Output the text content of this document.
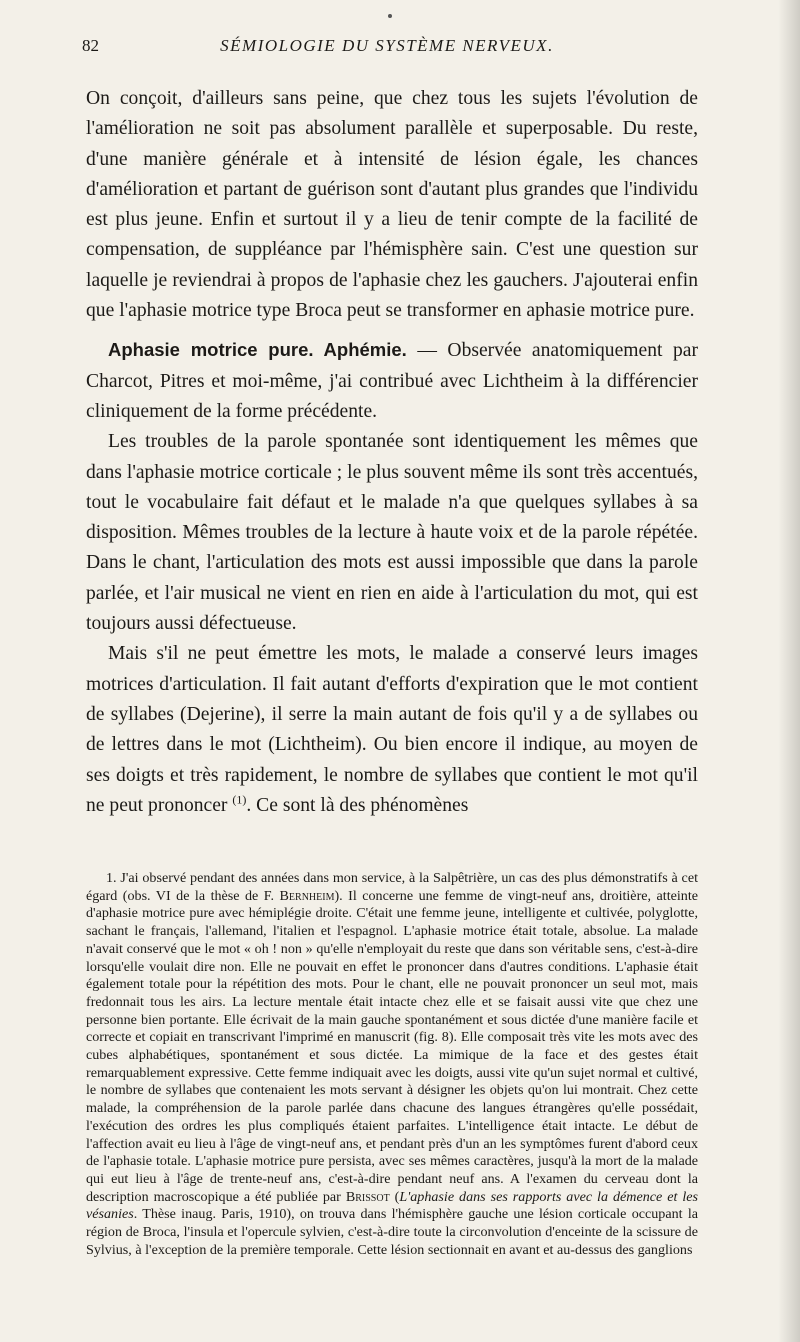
82	SÉMIOLOGIE DU SYSTÈME NERVEUX.

On conçoit, d'ailleurs sans peine, que chez tous les sujets l'évolution de l'amélioration ne soit pas absolument parallèle et superposable. Du reste, d'une manière générale et à intensité de lésion égale, les chances d'amélioration et partant de guérison sont d'autant plus grandes que l'individu est plus jeune. Enfin et surtout il y a lieu de tenir compte de la facilité de compensation, de suppléance par l'hémisphère sain. C'est une question sur laquelle je reviendrai à propos de l'aphasie chez les gauchers. J'ajouterai enfin que l'aphasie motrice type Broca peut se transformer en aphasie motrice pure.

Aphasie motrice pure. Aphémie. — Observée anatomiquement par Charcot, Pitres et moi-même, j'ai contribué avec Lichtheim à la différencier cliniquement de la forme précédente.

Les troubles de la parole spontanée sont identiquement les mêmes que dans l'aphasie motrice corticale ; le plus souvent même ils sont très accentués, tout le vocabulaire fait défaut et le malade n'a que quelques syllabes à sa disposition. Mêmes troubles de la lecture à haute voix et de la parole répétée. Dans le chant, l'articulation des mots est aussi impossible que dans la parole parlée, et l'air musical ne vient en rien en aide à l'articulation du mot, qui est toujours aussi défectueuse.

Mais s'il ne peut émettre les mots, le malade a conservé leurs images motrices d'articulation. Il fait autant d'efforts d'expiration que le mot contient de syllabes (Dejerine), il serre la main autant de fois qu'il y a de syllabes ou de lettres dans le mot (Lichtheim). Ou bien encore il indique, au moyen de ses doigts et très rapidement, le nombre de syllabes que contient le mot qu'il ne peut prononcer $^{(1)}$. Ce sont là des phénomènes

1. J'ai observé pendant des années dans mon service, à la Salpêtrière, un cas des plus démonstratifs à cet égard (obs. VI de la thèse de F. Bernheim). Il concerne une femme de vingt-neuf ans, droitière, atteinte d'aphasie motrice pure avec hémiplégie droite. C'était une femme jeune, intelligente et cultivée, polyglotte, sachant le français, l'allemand, l'italien et l'espagnol. L'aphasie motrice était totale, absolue. La malade n'avait conservé que le mot « oh ! non » qu'elle n'employait du reste que dans son véritable sens, c'est-à-dire lorsqu'elle voulait dire non. Elle ne pouvait en effet le prononcer dans d'autres conditions. L'aphasie était également totale pour la répétition des mots. Pour le chant, elle ne pouvait prononcer un seul mot, mais fredonnait tous les airs. La lecture mentale était intacte chez elle et se faisait aussi vite que chez une personne bien portante. Elle écrivait de la main gauche spontanément et sous dictée d'une manière facile et correcte et copiait en transcrivant l'imprimé en manuscrit (fig. 8). Elle composait très vite les mots avec des cubes alphabétiques, spontanément et sous dictée. La mimique de la face et des gestes était remarquablement expressive. Cette femme indiquait avec les doigts, aussi vite qu'un sujet normal et cultivé, le nombre de syllabes que contenaient les mots servant à désigner les objets qu'on lui montrait. Chez cette malade, la compréhension de la parole parlée dans chacune des langues étrangères qu'elle possédait, l'exécution des ordres les plus compliqués étaient parfaites. L'intelligence était intacte. Le début de l'affection avait eu lieu à l'âge de vingt-neuf ans, et pendant près d'un an les symptômes furent d'abord ceux de l'aphasie totale. L'aphasie motrice pure persista, avec ses mêmes caractères, jusqu'à la mort de la malade qui eut lieu à l'âge de trente-neuf ans, c'est-à-dire pendant neuf ans. A l'examen du cerveau dont la description macroscopique a été publiée par Brissot (L'aphasie dans ses rapports avec la démence et les vésanies. Thèse inaug. Paris, 1910), on trouva dans l'hémisphère gauche une lésion corticale occupant la région de Broca, l'insula et l'opercule sylvien, c'est-à-dire toute la circonvolution d'enceinte de la scissure de Sylvius, à l'exception de la première temporale. Cette lésion sectionnait en avant et au-dessus des ganglions
